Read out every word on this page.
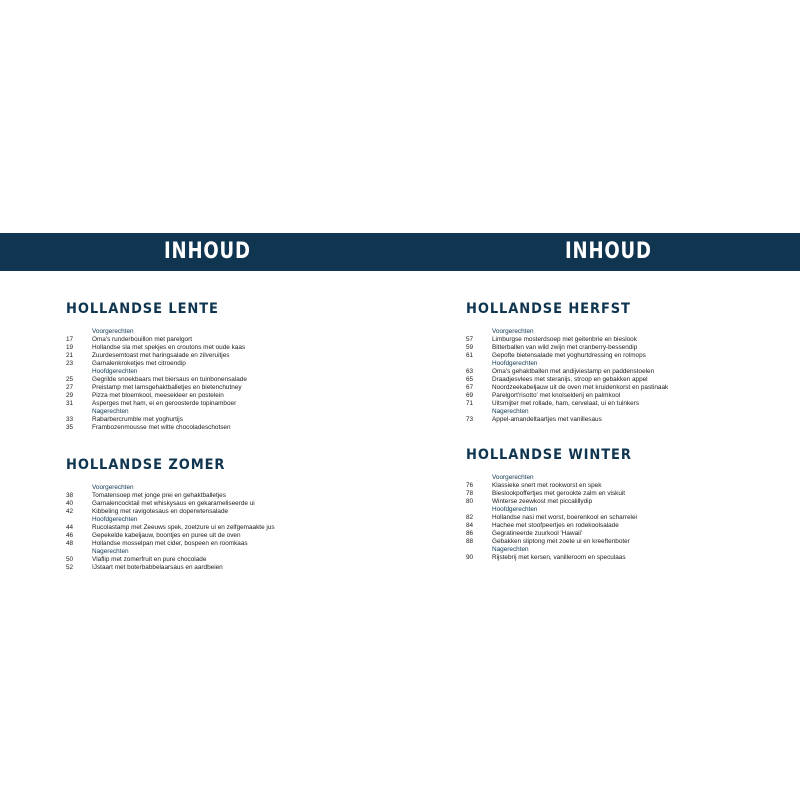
INHOUD	INHOUD
HOLLANDSE LENTE
Voorgerechten
17	Oma's runderbouillon met parelgort
19	Hollandse sla met spekjes en croutons met oude kaas
21	Zuurdesemtoast met haringsalade en zilveruitjes
23	Garnalenkroketjes met citroendip
Hoofdgerechten
25	Gegrilde snoekbaars met biersaus en tuinbonensalade
27	Preistamp met lamsgehaktballetjes en bietenchutney
29	Pizza met bloemkool, meesekleer en postelein
31	Asperges met ham, ei en geroosterde topinamboer
Nagerechten
33	Rabarbercrumble met yoghurtijs
35	Frambozenmousse met witte chocoladeschotsen
HOLLANDSE ZOMER
Voorgerechten
38	Tomatensoep met jonge prei en gehaktballetjes
40	Garnalencocktail met whiskysaus en gekarameliseerde ui
42	Kibbeling met ravigotesaus en doperwtensalade
Hoofdgerechten
44	Rucolastamp met Zeeuws spek, zoetzure ui en zelfgemaakte jus
46	Gepekelde kabeljauw, boontjes en puree uit de oven
48	Hollandse mosselpan met cider, bospeen en roomkaas
Nagerechten
50	Vlaflip met zomerfruit en pure chocolade
52	IJstaart met boterbabbelaarsaus en aardbeien
HOLLANDSE HERFST
Voorgerechten
57	Limburgse mosterdsoep met geitenbrie en bieslook
59	Bitterballen van wild zwijn met cranberry-bessendip
61	Gepofte bietensalade met yoghurtdressing en rolmops
Hoofdgerechten
63	Oma's gehaktballen met andijviestamp en paddenstoelen
65	Draadjesvlees met steranijs, stroop en gebakken appel
67	Noordzeekabeljauw uit de oven met kruidenkorst en pastinaak
69	Parelgort'risotto' met knolselderij en palmkool
71	Uitsmijter met rollade, ham, cervelaat, ui en tuinkers
Nagerechten
73	Appel-amandeltaartjes met vanillesaus
HOLLANDSE WINTER
Voorgerechten
76	Klassieke snert met rookworst en spek
78	Bieslookpoffertjes met gerookte zalm en viskuit
80	Winterse zeewkost met piccalillydip
Hoofdgerechten
82	Hollandse nasi met worst, boerenkool en scharrelei
84	Hachee met stoofpeertjes en rodekoolsalade
86	Gegratineerde zuurkool 'Hawaii'
88	Gebakken sliptong met zoete ui en kreeftenboter
Nagerechten
90	Rijstebrij met kersen, vanilleroom en speculaas
